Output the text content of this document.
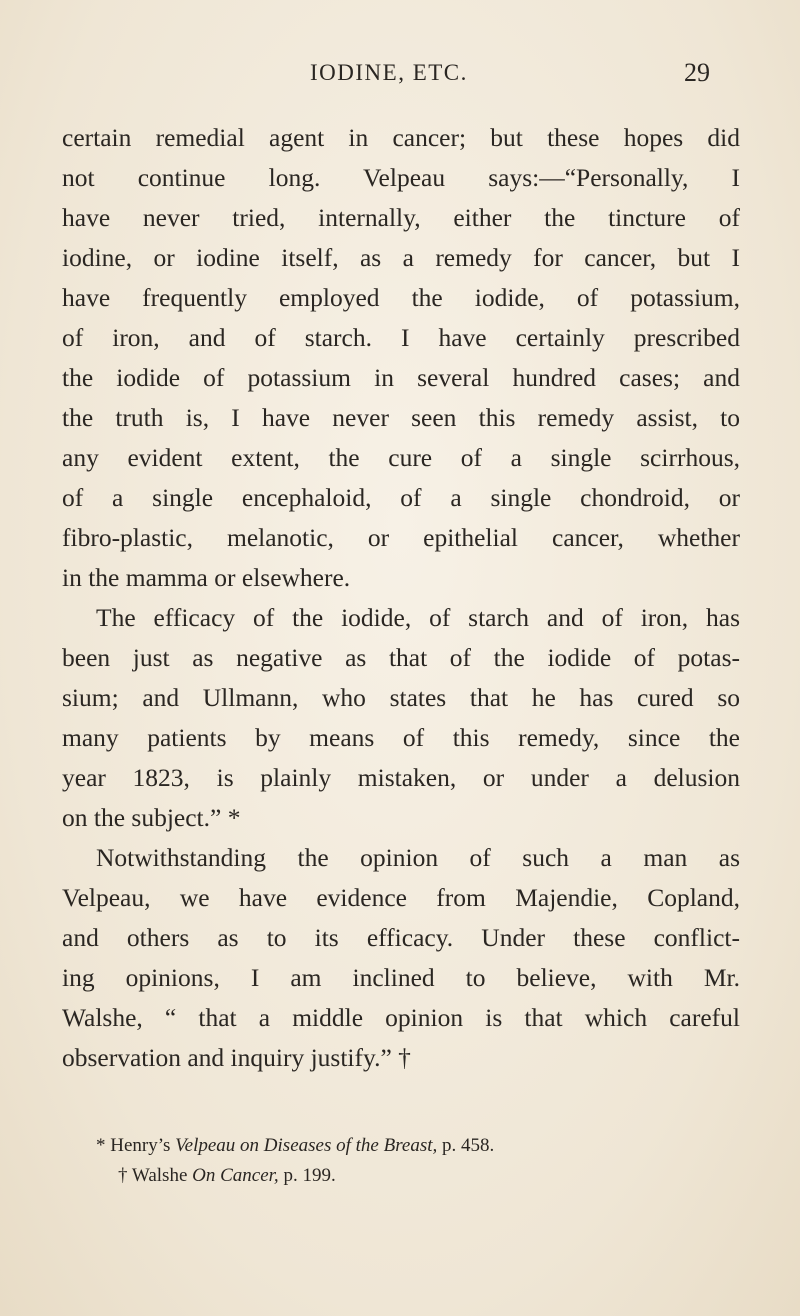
IODINE, ETC.	29
certain remedial agent in cancer; but these hopes did
not continue long. Velpeau says:—“Personally, I
have never tried, internally, either the tincture of
iodine, or iodine itself, as a remedy for cancer, but I
have frequently employed the iodide, of potassium,
of iron, and of starch. I have certainly prescribed
the iodide of potassium in several hundred cases; and
the truth is, I have never seen this remedy assist, to
any evident extent, the cure of a single scirrhous,
of a single encephaloid, of a single chondroid, or
fibro-plastic, melanotic, or epithelial cancer, whether
in the mamma or elsewhere.
The efficacy of the iodide, of starch and of iron, has
been just as negative as that of the iodide of potas-
sium; and Ullmann, who states that he has cured so
many patients by means of this remedy, since the
year 1823, is plainly mistaken, or under a delusion
on the subject.” *
Notwithstanding the opinion of such a man as
Velpeau, we have evidence from Majendie, Copland,
and others as to its efficacy. Under these conflict-
ing opinions, I am inclined to believe, with Mr.
Walshe, “ that a middle opinion is that which careful
observation and inquiry justify.” †
* Henry’s Velpeau on Diseases of the Breast, p. 458.
† Walshe On Cancer, p. 199.
